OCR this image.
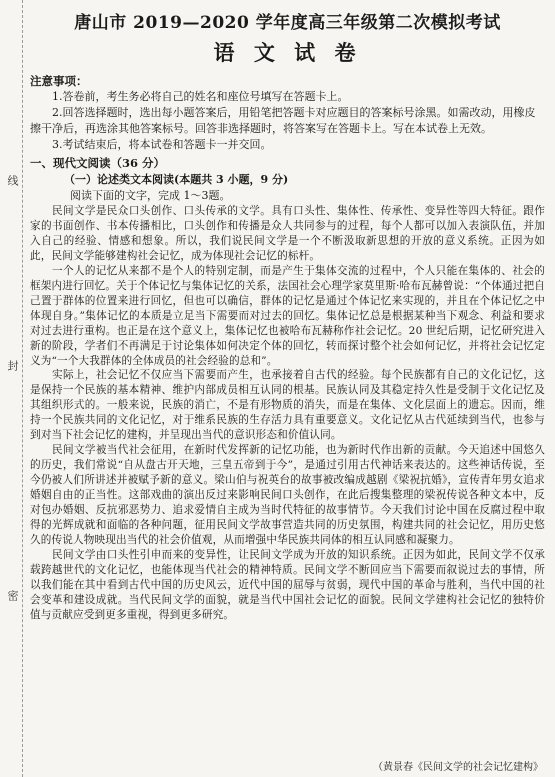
线
封
密
唐山市 2019—2020 学年度高三年级第二次模拟考试
语 文 试 卷
注意事项：

1.答卷前，考生务必将自己的姓名和座位号填写在答题卡上。

2.回答选择题时，选出每小题答案后，用铅笔把答题卡对应题目的答案标号涂黑。如需改动，用橡皮擦干净后，再选涂其他答案标号。回答非选择题时，将答案写在答题卡上。写在本试卷上无效。

3.考试结束后，将本试卷和答题卡一并交回。

一、现代文阅读（36 分）
（一）论述类文本阅读(本题共 3 小题，9 分)
阅读下面的文字，完成 1～3题。

民间文学是民众口头创作、口头传承的文学。具有口头性、集体性、传承性、变异性等四大特征。跟作家的书面创作、书本传播相比，口头创作和传播是众人共同参与的过程，每个人都可以加入表演队伍，并加入自己的经验、情感和想象。所以，我们说民间文学是一个不断汲取新思想的开放的意义系统。正因为如此，民间文学能够建构社会记忆，成为体现社会记忆的标杆。

一个人的记忆从来都不是个人的特别定制，而是产生于集体交流的过程中，个人只能在集体的、社会的框架内进行回忆。关于个体记忆与集体记忆的关系，法国社会心理学家莫里斯·哈布瓦赫曾说：“个体通过把自己置于群体的位置来进行回忆，但也可以确信，群体的记忆是通过个体记忆来实现的，并且在个体记忆之中体现自身。”集体记忆的本质是立足当下需要而对过去的回忆。集体记忆总是根据某种当下观念、利益和要求对过去进行重构。也正是在这个意义上，集体记忆也被哈布瓦赫称作社会记忆。20 世纪后期，记忆研究进入新的阶段，学者们不再满足于讨论集体如何决定个体的回忆，转而探讨整个社会如何记忆，并将社会记忆定义为“一个大我群体的全体成员的社会经验的总和”。

实际上，社会记忆不仅应当下需要而产生，也承接着自古代的经验。每个民族都有自己的文化记忆，这是保持一个民族的基本精神、维护内部成员相互认同的根基。民族认同及其稳定持久性是受制于文化记忆及其组织形式的。一般来说，民族的消亡，不是有形物质的消失，而是在集体、文化层面上的遗忘。因而，维持一个民族共同的文化记忆，对于维系民族的生存活力具有重要意义。文化记忆从古代延续到当代，也参与到对当下社会记忆的建构，并呈现出当代的意识形态和价值认同。

民间文学被当代社会征用，在新时代发挥新的记忆功能，也为新时代作出新的贡献。今天追述中国悠久的历史，我们常说“自从盘古开天地，三皇五帝到于今”，是通过引用古代神话来表达的。这些神话传说，至今仍被人们所讲述并被赋予新的意义。梁山伯与祝英台的故事被改编成越剧《梁祝抗婚》，宣传青年男女追求婚姻自由的正当性。这部戏曲的演出反过来影响民间口头创作，在此后搜集整理的梁祝传说各种文本中，反对包办婚姻、反抗邪恶势力、追求爱情自主成为当时代特征的故事情节。今天我们讨论中国在反腐过程中取得的光辉成就和面临的各种问题，征用民间文学故事营造共同的历史氛围，构建共同的社会记忆，用历史悠久的传说人物映现出当代的社会价值观，从而增强中华民族共同体的相互认同感和凝聚力。

民间文学由口头性引申而来的变异性，让民间文学成为开放的知识系统。正因为如此，民间文学不仅承载跨越世代的文化记忆，也能体现当代社会的精神特质。民间文学不断回应当下需要而叙说过去的事情，所以我们能在其中看到古代中国的历史风云，近代中国的屈辱与贫弱，现代中国的革命与胜利，当代中国的社会变革和建设成就。当代民间文学的面貌，就是当代中国社会记忆的面貌。民间文学建构社会记忆的独特价值与贡献应受到更多重视，得到更多研究。

（黄景春《民间文学的社会记忆建构》
